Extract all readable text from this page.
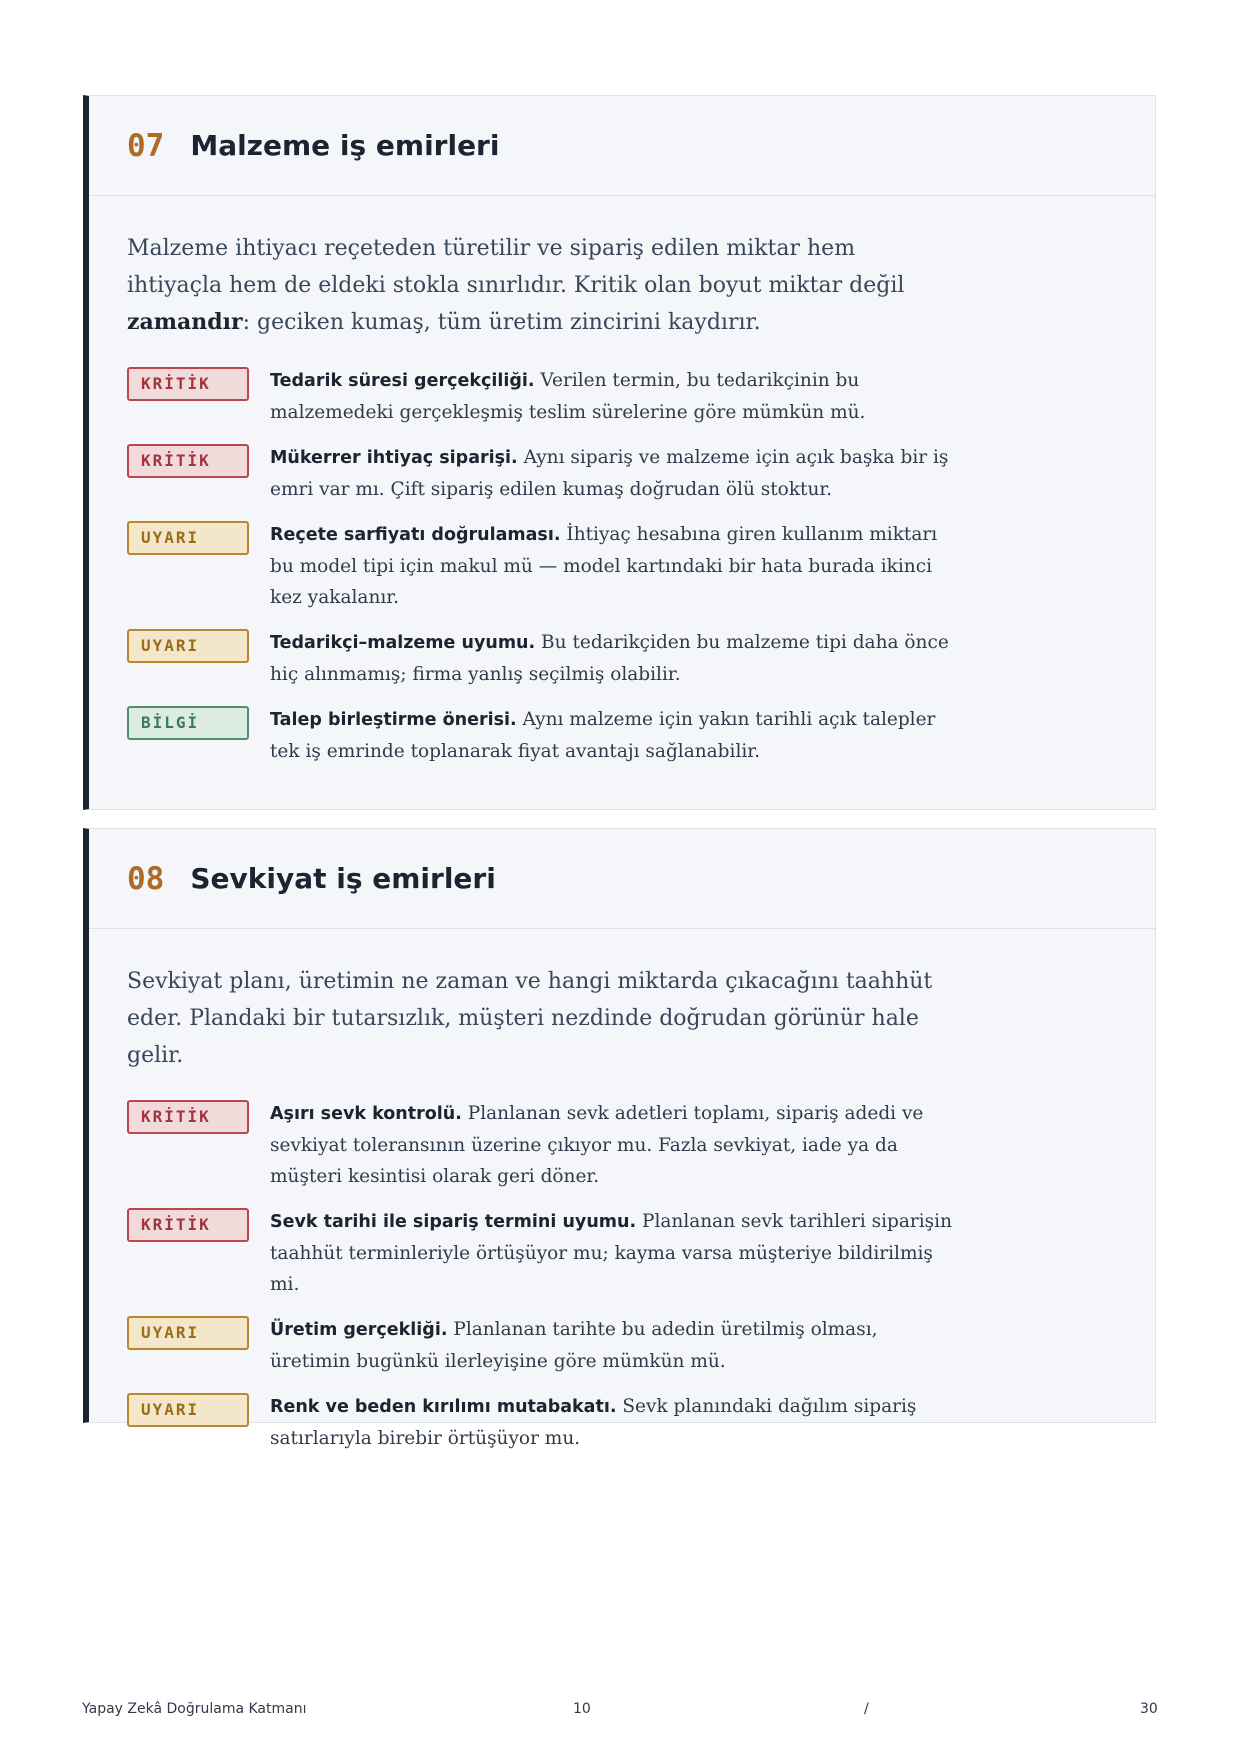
07 Malzeme iş emirleri

Malzeme ihtiyacı reçeteden türetilir ve sipariş edilen miktar hem ihtiyaçla hem de eldeki stokla sınırlıdır. Kritik olan boyut miktar değil zamandır: geciken kumaş, tüm üretim zincirini kaydırır.

KRİTİK	Tedarik süresi gerçekçiliği. Verilen termin, bu tedarikçinin bu malzemedeki gerçekleşmiş teslim sürelerine göre mümkün mü.
KRİTİK	Mükerrer ihtiyaç siparişi. Aynı sipariş ve malzeme için açık başka bir iş emri var mı. Çift sipariş edilen kumaş doğrudan ölü stoktur.
UYARI	Reçete sarfiyatı doğrulaması. İhtiyaç hesabına giren kullanım miktarı bu model tipi için makul mü — model kartındaki bir hata burada ikinci kez yakalanır.
UYARI	Tedarikçi–malzeme uyumu. Bu tedarikçiden bu malzeme tipi daha önce hiç alınmamış; firma yanlış seçilmiş olabilir.
BİLGİ	Talep birleştirme önerisi. Aynı malzeme için yakın tarihli açık talepler tek iş emrinde toplanarak fiyat avantajı sağlanabilir.
08 Sevkiyat iş emirleri

Sevkiyat planı, üretimin ne zaman ve hangi miktarda çıkacağını taahhüt eder. Plandaki bir tutarsızlık, müşteri nezdinde doğrudan görünür hale gelir.

KRİTİK	Aşırı sevk kontrolü. Planlanan sevk adetleri toplamı, sipariş adedi ve sevkiyat toleransının üzerine çıkıyor mu. Fazla sevkiyat, iade ya da müşteri kesintisi olarak geri döner.
KRİTİK	Sevk tarihi ile sipariş termini uyumu. Planlanan sevk tarihleri siparişin taahhüt terminleriyle örtüşüyor mu; kayma varsa müşteriye bildirilmiş mi.
UYARI	Üretim gerçekliği. Planlanan tarihte bu adedin üretilmiş olması, üretimin bugünkü ilerleyişine göre mümkün mü.
UYARI	Renk ve beden kırılımı mutabakatı. Sevk planındaki dağılım sipariş satırlarıyla birebir örtüşüyor mu.
Yapay Zekâ Doğrulama Katmanı	10	/	30
